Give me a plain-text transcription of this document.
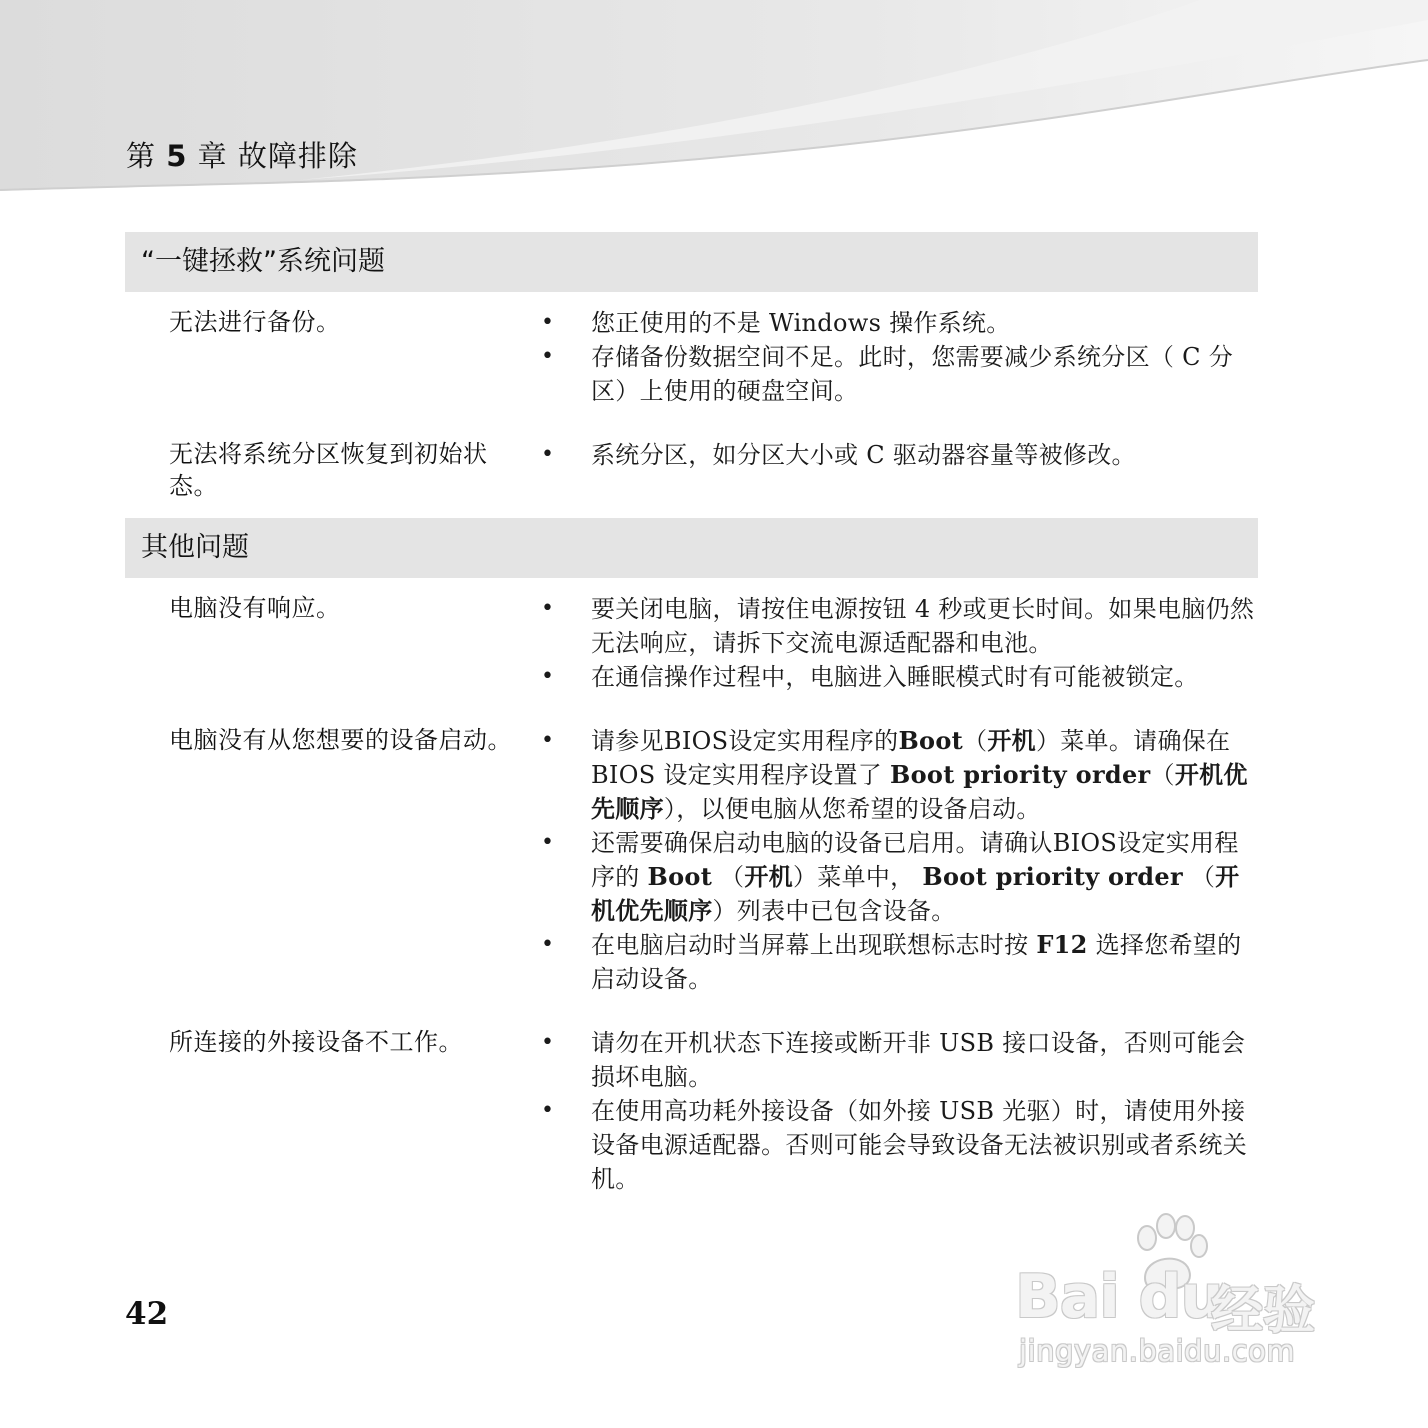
第 5 章 故障排除
“一键拯救”系统问题
无法进行备份。	• 您正使用的不是 Windows 操作系统。
• 存储备份数据空间不足。此时，您需要减少系统分区（ C 分区）上使用的硬盘空间。
无法将系统分区恢复到初始状态。
• 系统分区，如分区大小或 C 驱动器容量等被修改。
其他问题
电脑没有响应。	• 要关闭电脑，请按住电源按钮 4 秒或更长时间。如果电脑仍然无法响应，请拆下交流电源适配器和电池。
• 在通信操作过程中，电脑进入睡眠模式时有可能被锁定。
电脑没有从您想要的设备启动。	• 请参见BIOS设定实用程序的Boot（开机）菜单。请确保在 BIOS 设定实用程序设置了 Boot priority order（开机优先顺序），以便电脑从您希望的设备启动。
• 还需要确保启动电脑的设备已启用。请确认BIOS设定实用程序的 Boot （开机）菜单中， Boot priority order （开机优先顺序）列表中已包含设备。
• 在电脑启动时当屏幕上出现联想标志时按 F12 选择您希望的启动设备。
所连接的外接设备不工作。	• 请勿在开机状态下连接或断开非 USB 接口设备，否则可能会损坏电脑。
• 在使用高功耗外接设备（如外接 USB 光驱）时，请使用外接设备电源适配器。否则可能会导致设备无法被识别或者系统关机。

42	Bai du
经验
jingyan.baidu.com
